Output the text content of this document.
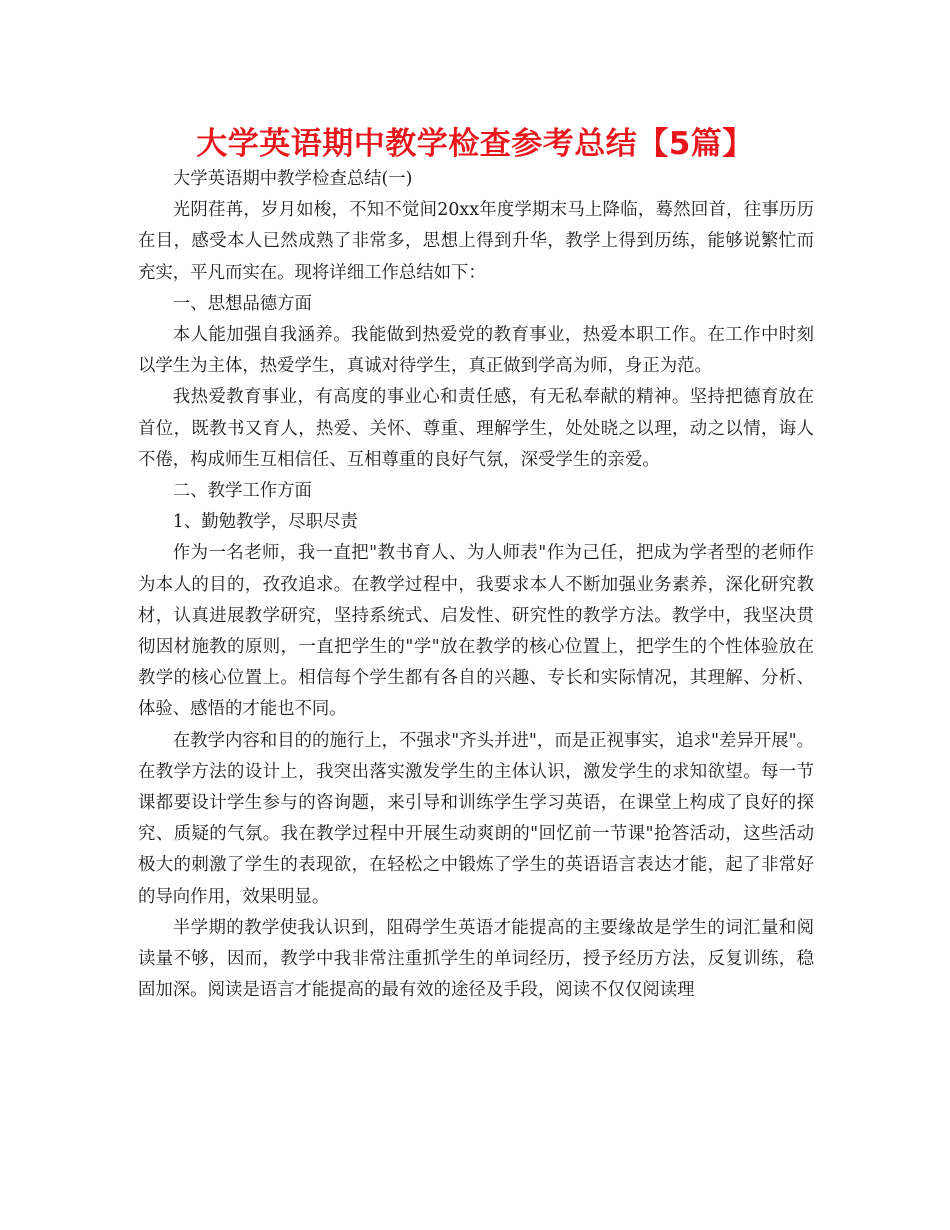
大学英语期中教学检查参考总结【5篇】

大学英语期中教学检查总结(一)

光阴荏苒，岁月如梭，不知不觉间20xx年度学期末马上降临，蓦然回首，往事历历在目，感受本人已然成熟了非常多，思想上得到升华，教学上得到历练，能够说繁忙而充实，平凡而实在。现将详细工作总结如下：

一、思想品德方面

本人能加强自我涵养。我能做到热爱党的教育事业，热爱本职工作。在工作中时刻以学生为主体，热爱学生，真诚对待学生，真正做到学高为师，身正为范。

我热爱教育事业，有高度的事业心和责任感，有无私奉献的精神。坚持把德育放在首位，既教书又育人，热爱、关怀、尊重、理解学生，处处晓之以理，动之以情，诲人不倦，构成师生互相信任、互相尊重的良好气氛，深受学生的亲爱。

二、教学工作方面

1、勤勉教学，尽职尽责

作为一名老师，我一直把"教书育人、为人师表"作为己任，把成为学者型的老师作为本人的目的，孜孜追求。在教学过程中，我要求本人不断加强业务素养，深化研究教材，认真进展教学研究，坚持系统式、启发性、研究性的教学方法。教学中，我坚决贯彻因材施教的原则，一直把学生的"学"放在教学的核心位置上，把学生的个性体验放在教学的核心位置上。相信每个学生都有各自的兴趣、专长和实际情况，其理解、分析、体验、感悟的才能也不同。

在教学内容和目的的施行上，不强求"齐头并进"，而是正视事实，追求"差异开展"。在教学方法的设计上，我突出落实激发学生的主体认识，激发学生的求知欲望。每一节课都要设计学生参与的咨询题，来引导和训练学生学习英语，在课堂上构成了良好的探究、质疑的气氛。我在教学过程中开展生动爽朗的"回忆前一节课"抢答活动，这些活动极大的刺激了学生的表现欲，在轻松之中锻炼了学生的英语语言表达才能，起了非常好的导向作用，效果明显。

半学期的教学使我认识到，阻碍学生英语才能提高的主要缘故是学生的词汇量和阅读量不够，因而，教学中我非常注重抓学生的单词经历，授予经历方法，反复训练，稳固加深。阅读是语言才能提高的最有效的途径及手段，阅读不仅仅阅读理
